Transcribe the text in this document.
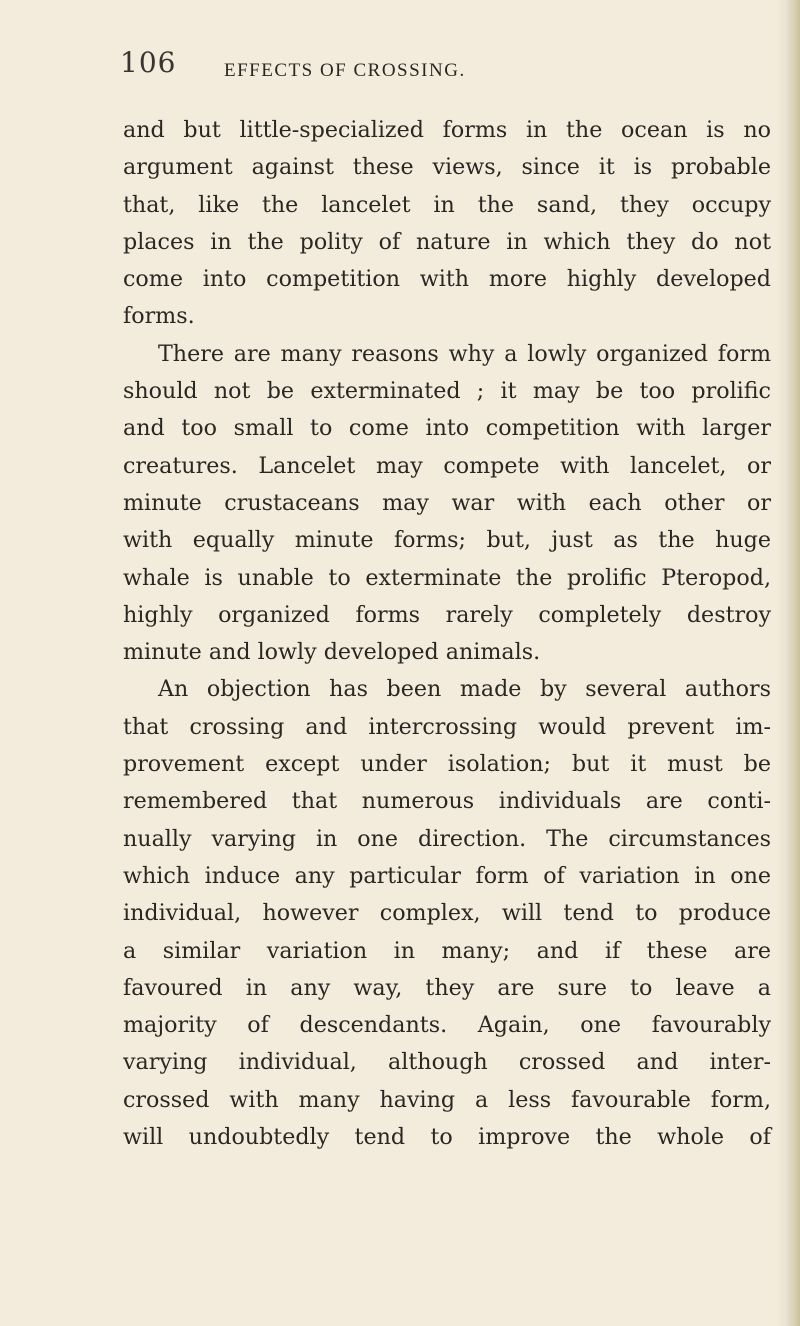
106	EFFECTS OF CROSSING.
and but little-specialized forms in the ocean is no
argument against these views, since it is probable
that, like the lancelet in the sand, they occupy
places in the polity of nature in which they do not
come into competition with more highly developed
forms.
There are many reasons why a lowly organized form
should not be exterminated ; it may be too prolific
and too small to come into competition with larger
creatures. Lancelet may compete with lancelet, or
minute crustaceans may war with each other or
with equally minute forms; but, just as the huge
whale is unable to exterminate the prolific Pteropod,
highly organized forms rarely completely destroy
minute and lowly developed animals.
An objection has been made by several authors
that crossing and intercrossing would prevent im-
provement except under isolation; but it must be
remembered that numerous individuals are conti-
nually varying in one direction. The circumstances
which induce any particular form of variation in one
individual, however complex, will tend to produce
a similar variation in many; and if these are
favoured in any way, they are sure to leave a
majority of descendants. Again, one favourably
varying individual, although crossed and inter-
crossed with many having a less favourable form,
will undoubtedly tend to improve the whole of
